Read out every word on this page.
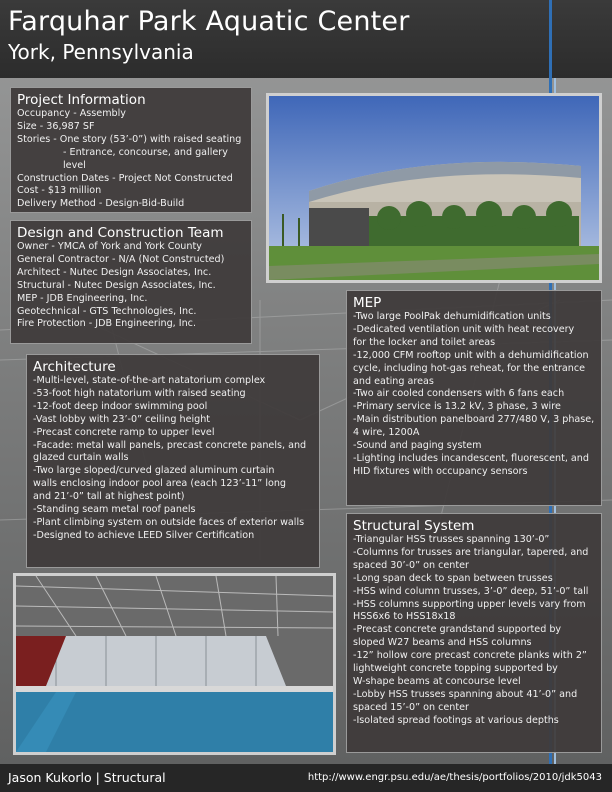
Farquhar Park Aquatic Center
York, Pennsylvania
Project Information

Occupancy - Assembly

Size - 36,987 SF

Stories - One story (53’-0”) with raised seating

- Entrance, concourse, and gallery level

Construction Dates - Project Not Constructed

Cost - $13 million

Delivery Method - Design-Bid-Build

Design and Construction Team

Owner - YMCA of York and York County

General Contractor - N/A (Not Constructed)

Architect - Nutec Design Associates, Inc.

Structural - Nutec Design Associates, Inc.

MEP - JDB Engineering, Inc.

Geotechnical - GTS Technologies, Inc.

Fire Protection - JDB Engineering, Inc.

MEP

-Two large PoolPak dehumidification units

-Dedicated ventilation unit with heat recovery

for the locker and toilet areas

-12,000 CFM rooftop unit with a dehumidification

cycle, including hot-gas reheat, for the entrance

and eating areas

-Two air cooled condensers with 6 fans each

-Primary service is 13.2 kV, 3 phase, 3 wire

-Main distribution panelboard 277/480 V, 3 phase,

4 wire, 1200A

-Sound and paging system

-Lighting includes incandescent, fluorescent, and

HID fixtures with occupancy sensors

Architecture

-Multi-level, state-of-the-art natatorium complex

-53-foot high natatorium with raised seating

-12-foot deep indoor swimming pool

-Vast lobby with 23’-0” ceiling height

-Precast concrete ramp to upper level

-Facade: metal wall panels, precast concrete panels, and

glazed curtain walls

-Two large sloped/curved glazed aluminum curtain

walls enclosing indoor pool area (each 123’-11” long

and 21’-0” tall at highest point)

-Standing seam metal roof panels

-Plant climbing system on outside faces of exterior walls

-Designed to achieve LEED Silver Certification

Structural System

-Triangular HSS trusses spanning 130’-0”

-Columns for trusses are triangular, tapered, and

spaced 30’-0” on center

-Long span deck to span between trusses

-HSS wind column trusses, 3’-0” deep, 51’-0” tall

-HSS columns supporting upper levels vary from

HSS6x6 to HSS18x18

-Precast concrete grandstand supported by

sloped W27 beams and HSS columns

-12” hollow core precast concrete planks with 2”

lightweight concrete topping supported by

W-shape beams at concourse level

-Lobby HSS trusses spanning about 41’-0” and

spaced 15’-0” on center

-Isolated spread footings at various depths

Jason Kukorlo | Structural	http://www.engr.psu.edu/ae/thesis/portfolios/2010/jdk5043
